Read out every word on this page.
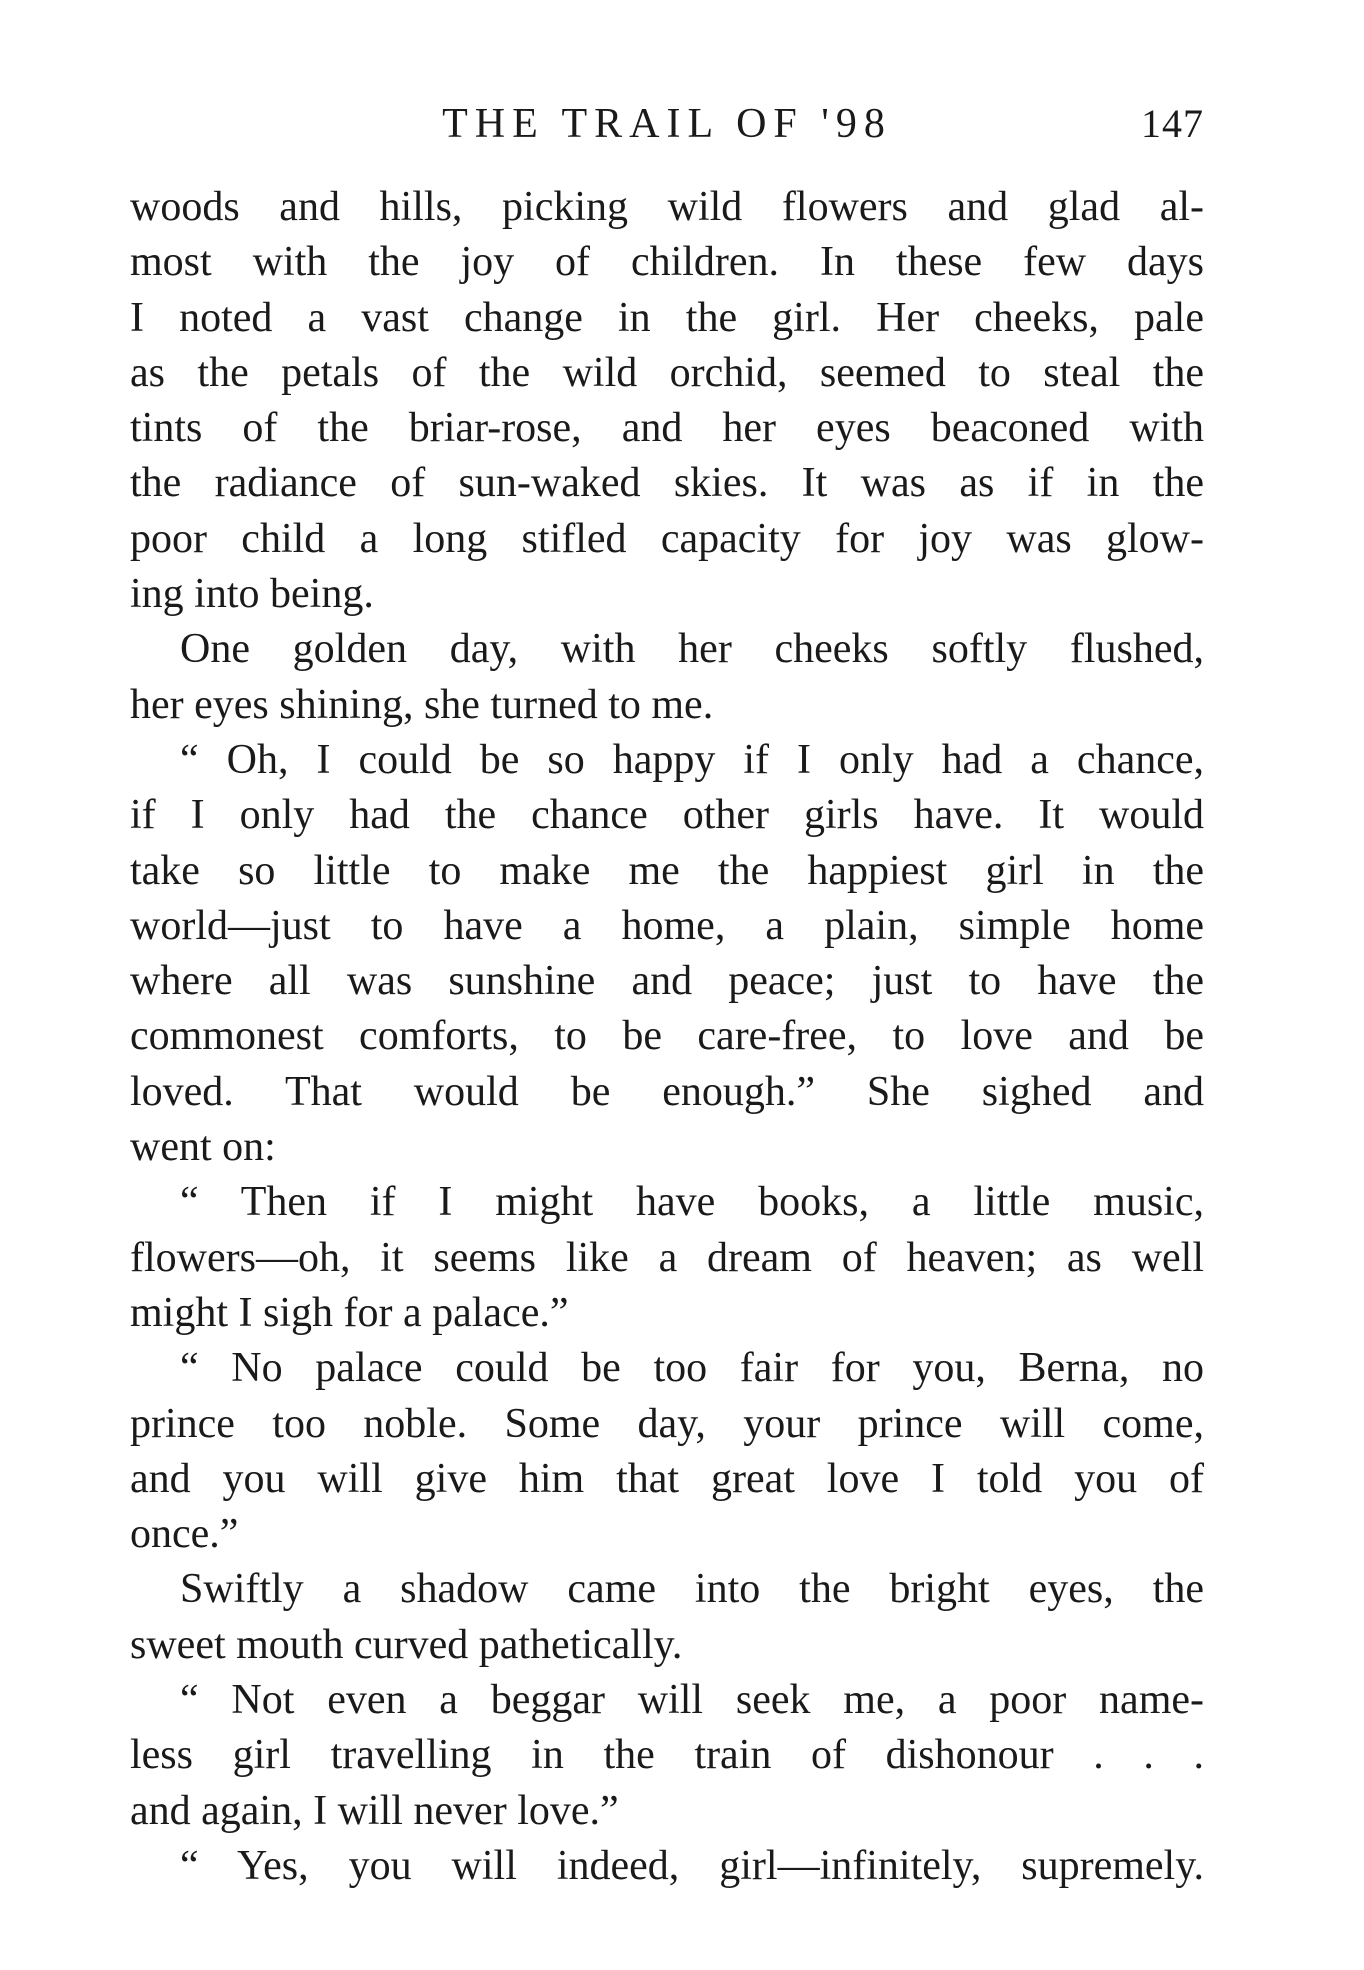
THE TRAIL OF '98	147
woods and hills, picking wild flowers and glad al-
most with the joy of children. In these few days
I noted a vast change in the girl. Her cheeks, pale
as the petals of the wild orchid, seemed to steal the
tints of the briar-rose, and her eyes beaconed with
the radiance of sun-waked skies. It was as if in the
poor child a long stifled capacity for joy was glow-
ing into being.
One golden day, with her cheeks softly flushed,
her eyes shining, she turned to me.
“ Oh, I could be so happy if I only had a chance,
if I only had the chance other girls have. It would
take so little to make me the happiest girl in the
world—just to have a home, a plain, simple home
where all was sunshine and peace; just to have the
commonest comforts, to be care-free, to love and be
loved. That would be enough.” She sighed and
went on:
“ Then if I might have books, a little music,
flowers—oh, it seems like a dream of heaven; as well
might I sigh for a palace.”
“ No palace could be too fair for you, Berna, no
prince too noble. Some day, your prince will come,
and you will give him that great love I told you of
once.”
Swiftly a shadow came into the bright eyes, the
sweet mouth curved pathetically.
“ Not even a beggar will seek me, a poor name-
less girl travelling in the train of dishonour . . .
and again, I will never love.”
“ Yes, you will indeed, girl—infinitely, supremely.
